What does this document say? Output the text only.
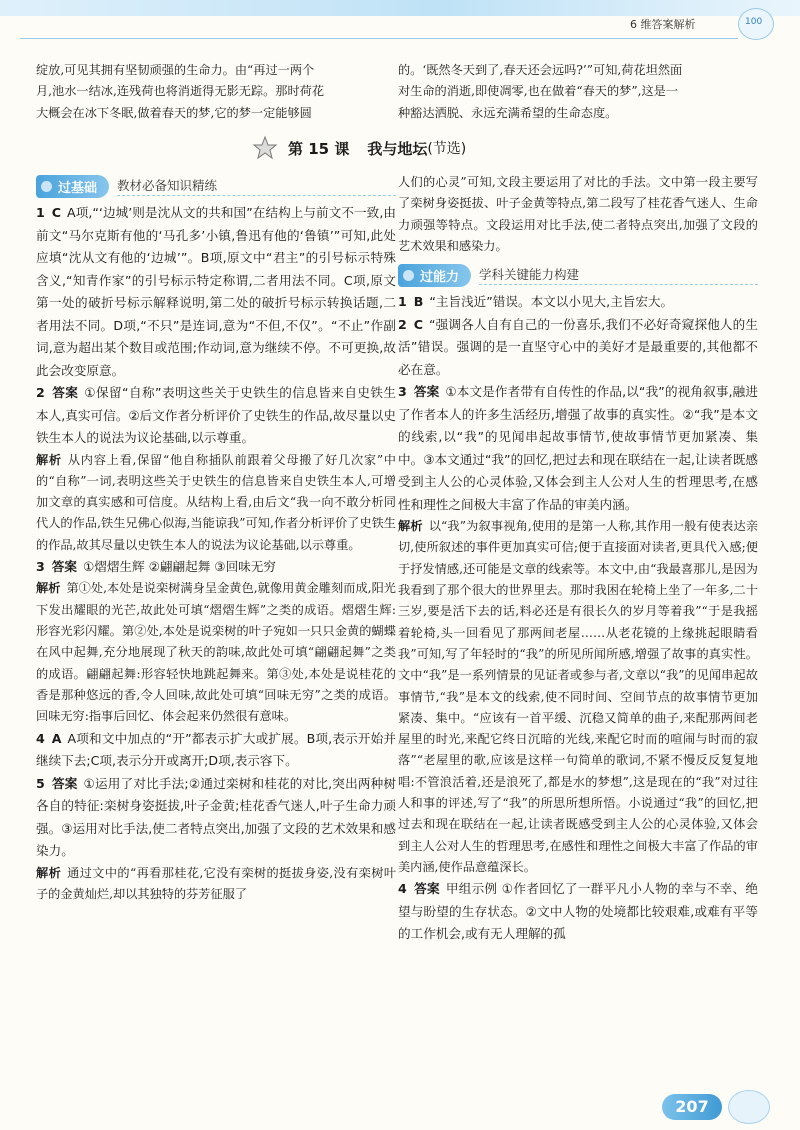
6 维答案解析	100
第 15 课 我与地坛 (节选)

绽放,可见其拥有坚韧顽强的生命力。由“再过一两个

月,池水一结冰,连残荷也将消逝得无影无踪。那时荷花

大概会在冰下冬眠,做着春天的梦,它的梦一定能够圆

过基础	教材必备知识精练

1 C A项,“‘边城’则是沈从文的共和国”在结构上与前文不一致,由前文“马尔克斯有他的‘马孔多’小镇,鲁迅有他的‘鲁镇’”可知,此处应填“沈从文有他的‘边城’”。B项,原文中“君主”的引号标示特殊含义,“知青作家”的引号标示特定称谓,二者用法不同。C项,原文第一处的破折号标示解释说明,第二处的破折号标示转换话题,二者用法不同。D项,“不只”是连词,意为“不但,不仅”。“不止”作副词,意为超出某个数目或范围;作动词,意为继续不停。不可更换,故此会改变原意。

2 答案 ①保留“自称”表明这些关于史铁生的信息皆来自史铁生本人,真实可信。②后文作者分析评价了史铁生的作品,故尽量以史铁生本人的说法为议论基础,以示尊重。

解析 从内容上看,保留“他自称插队前跟着父母搬了好几次家”中的“自称”一词,表明这些关于史铁生的信息皆来自史铁生本人,可增加文章的真实感和可信度。从结构上看,由后文“我一向不敢分析同代人的作品,铁生兄佛心似海,当能谅我”可知,作者分析评价了史铁生的作品,故其尽量以史铁生本人的说法为议论基础,以示尊重。

3 答案 ①熠熠生辉 ②翩翩起舞 ③回味无穷

解析 第①处,本处是说栾树满身呈金黄色,就像用黄金雕刻而成,阳光下发出耀眼的光芒,故此处可填“熠熠生辉”之类的成语。熠熠生辉:形容光彩闪耀。第②处,本处是说栾树的叶子宛如一只只金黄的蝴蝶在风中起舞,充分地展现了秋天的韵味,故此处可填“翩翩起舞”之类的成语。翩翩起舞:形容轻快地跳起舞来。第③处,本处是说桂花的香是那种悠远的香,令人回味,故此处可填“回味无穷”之类的成语。回味无穷:指事后回忆、体会起来仍然很有意味。

4 A A项和文中加点的“开”都表示扩大或扩展。B项,表示开始并继续下去;C项,表示分开或离开;D项,表示容下。

5 答案 ①运用了对比手法;②通过栾树和桂花的对比,突出两种树各自的特征:栾树身姿挺拔,叶子金黄;桂花香气迷人,叶子生命力顽强。③运用对比手法,使二者特点突出,加强了文段的艺术效果和感染力。

解析 通过文中的“再看那桂花,它没有栾树的挺拔身姿,没有栾树叶子的金黄灿烂,却以其独特的芬芳征服了

的。‘既然冬天到了,春天还会远吗?’”可知,荷花坦然面

对生命的消逝,即使凋零,也在做着“春天的梦”,这是一

种豁达洒脱、永远充满希望的生命态度。

人们的心灵”可知,文段主要运用了对比的手法。文中第一段主要写了栾树身姿挺拔、叶子金黄等特点,第二段写了桂花香气迷人、生命力顽强等特点。文段运用对比手法,使二者特点突出,加强了文段的艺术效果和感染力。

过能力	学科关键能力构建

1 B “主旨浅近”错误。本文以小见大,主旨宏大。

2 C “强调各人自有自己的一份喜乐,我们不必好奇窥探他人的生活”错误。强调的是一直坚守心中的美好才是最重要的,其他都不必在意。

3 答案 ①本文是作者带有自传性的作品,以“我”的视角叙事,融进了作者本人的许多生活经历,增强了故事的真实性。②“我”是本文的线索,以“我”的见闻串起故事情节,使故事情节更加紧凑、集中。③本文通过“我”的回忆,把过去和现在联结在一起,让读者既感受到主人公的心灵体验,又体会到主人公对人生的哲理思考,在感性和理性之间极大丰富了作品的审美内涵。

解析 以“我”为叙事视角,使用的是第一人称,其作用一般有使表达亲切,使所叙述的事件更加真实可信;便于直接面对读者,更具代入感;便于抒发情感,还可能是文章的线索等。本文中,由“我最喜那儿,是因为我看到了那个很大的世界里去。那时我困在轮椅上坐了一年多,二十三岁,要是活下去的话,料必还是有很长久的岁月等着我”“于是我摇着轮椅,头一回看见了那两间老屋……从老花镜的上缘挑起眼睛看我”可知,写了年轻时的“我”的所见所闻所感,增强了故事的真实性。文中“我”是一系列情景的见证者或参与者,文章以“我”的见闻串起故事情节,“我”是本文的线索,使不同时间、空间节点的故事情节更加紧凑、集中。“应该有一首平缓、沉稳又简单的曲子,来配那两间老屋里的时光,来配它终日沉暗的光线,来配它时而的喧闹与时而的寂落”“老屋里的歌,应该是这样一句简单的歌词,不紧不慢反反复复地唱:不管浪活着,还是浪死了,都是水的梦想”,这是现在的“我”对过往人和事的评述,写了“我”的所思所想所悟。小说通过“我”的回忆,把过去和现在联结在一起,让读者既感受到主人公的心灵体验,又体会到主人公对人生的哲理思考,在感性和理性之间极大丰富了作品的审美内涵,使作品意蕴深长。

4 答案 甲组示例 ①作者回忆了一群平凡小人物的幸与不幸、绝望与盼望的生存状态。②文中人物的处境都比较艰难,或难有平等的工作机会,或有无人理解的孤

207
